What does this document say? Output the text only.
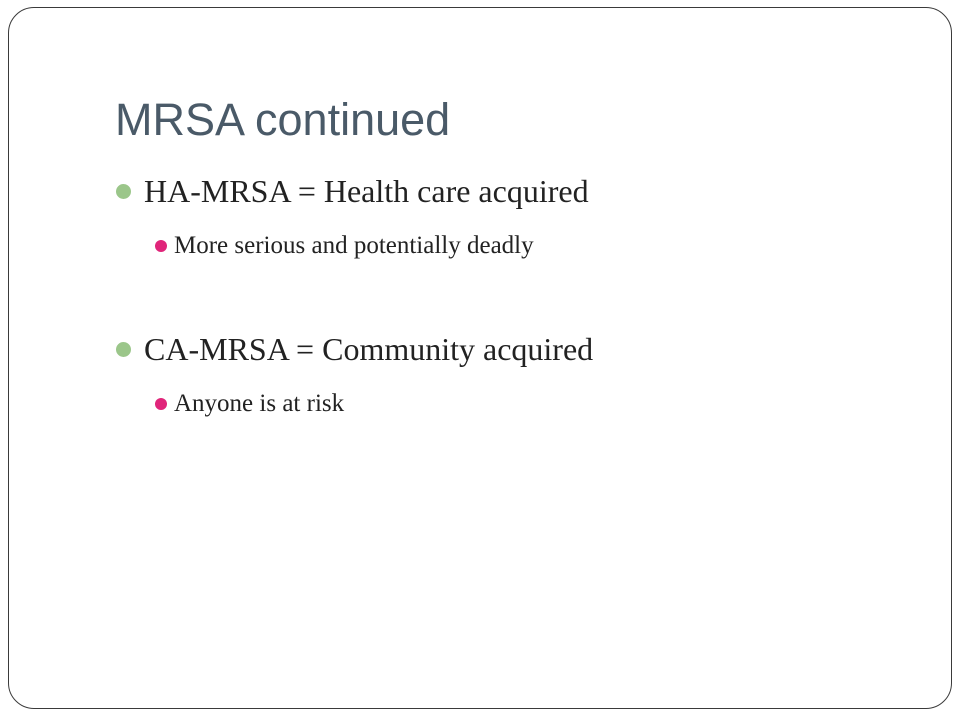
MRSA continued
HA-MRSA = Health care acquired
More serious and potentially deadly
CA-MRSA = Community acquired
Anyone is at risk
